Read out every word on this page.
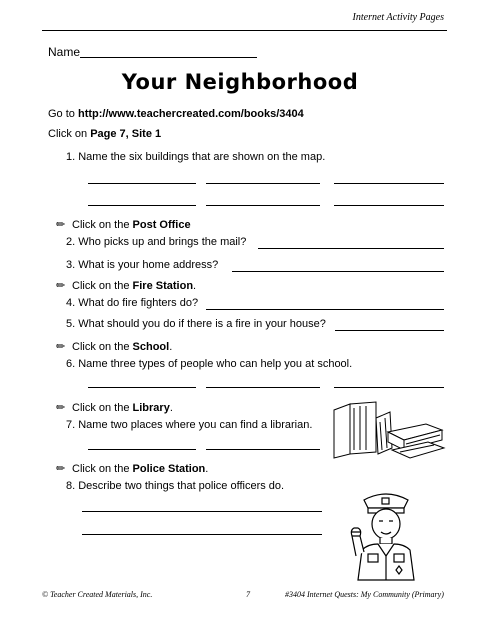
Internet Activity Pages
Name
Your Neighborhood
Go to http://www.teachercreated.com/books/3404
Click on Page 7, Site 1
1. Name the six buildings that are shown on the map.
✏ Click on the Post Office
2. Who picks up and brings the mail?
3. What is your home address?
✏ Click on the Fire Station.
4. What do fire fighters do?
5. What should you do if there is a fire in your house?
✏ Click on the School.
6. Name three types of people who can help you at school.
✏ Click on the Library.
7. Name two places where you can find a librarian.
✏ Click on the Police Station.
8. Describe two things that police officers do.
© Teacher Created Materials, Inc.	7	#3404 Internet Quests: My Community (Primary)
